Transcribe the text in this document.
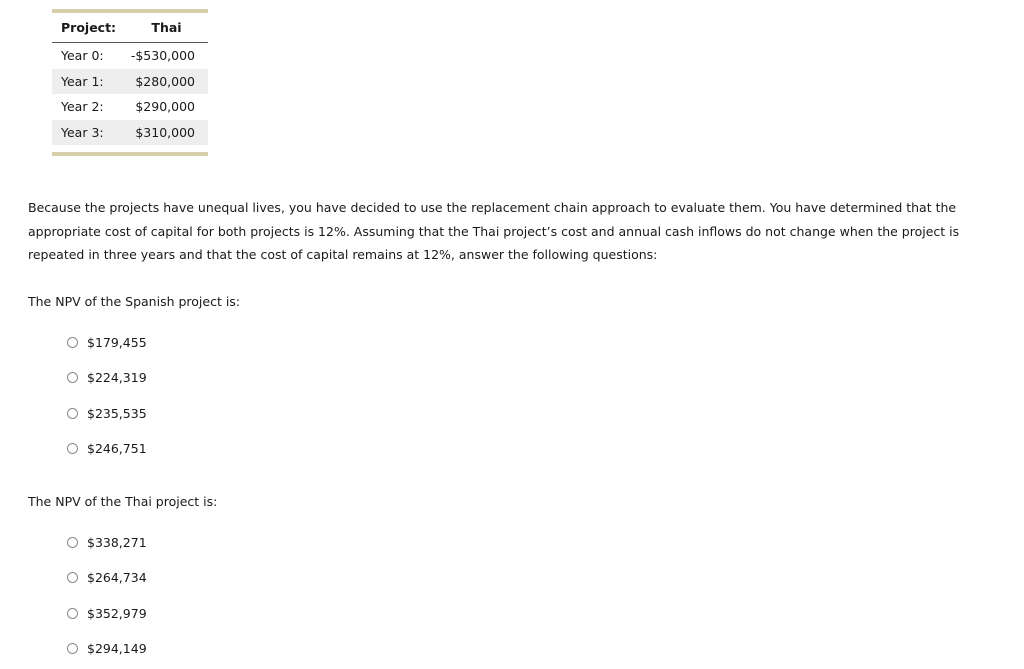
Project:	Thai
Year 0:	-$530,000
Year 1:	$280,000
Year 2:	$290,000
Year 3:	$310,000

Because the projects have unequal lives, you have decided to use the replacement chain approach to evaluate them. You have determined that the appropriate cost of capital for both projects is 12%. Assuming that the Thai project’s cost and annual cash inflows do not change when the project is repeated in three years and that the cost of capital remains at 12%, answer the following questions:

The NPV of the Spanish project is:

$179,455
$224,319
$235,535
$246,751

The NPV of the Thai project is:

$338,271
$264,734
$352,979
$294,149
